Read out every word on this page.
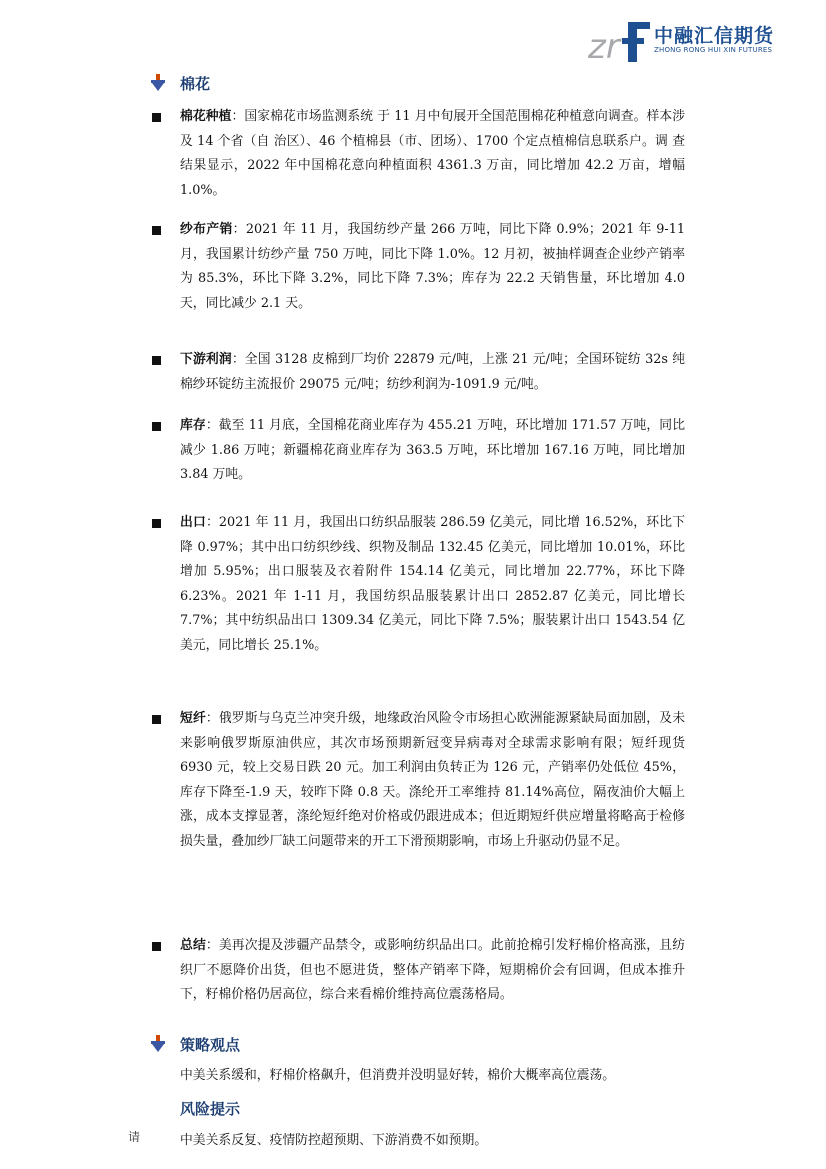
zr 中融汇信期货
ZHONG RONG HUI XIN FUTURES
棉花
棉花种植：国家棉花市场监测系统 于 11 月中旬展开全国范围棉花种植意向调查。样本涉及 14 个省（自 治区）、46 个植棉县（市、团场）、1700 个定点植棉信息联系户。调 查结果显示，2022 年中国棉花意向种植面积 4361.3 万亩，同比增加 42.2 万亩，增幅 1.0%。
纱布产销：2021 年 11 月，我国纺纱产量 266 万吨，同比下降 0.9%；2021 年 9-11 月，我国累计纺纱产量 750 万吨，同比下降 1.0%。12 月初，被抽样调查企业纱产销率为 85.3%，环比下降 3.2%，同比下降 7.3%；库存为 22.2 天销售量，环比增加 4.0 天，同比减少 2.1 天。
下游利润：全国 3128 皮棉到厂均价 22879 元/吨，上涨 21 元/吨；全国环锭纺 32s 纯棉纱环锭纺主流报价 29075 元/吨；纺纱利润为-1091.9 元/吨。
库存：截至 11 月底，全国棉花商业库存为 455.21 万吨，环比增加 171.57 万吨，同比减少 1.86 万吨；新疆棉花商业库存为 363.5 万吨，环比增加 167.16 万吨，同比增加 3.84 万吨。
出口：2021 年 11 月，我国出口纺织品服装 286.59 亿美元，同比增 16.52%，环比下降 0.97%；其中出口纺织纱线、织物及制品 132.45 亿美元，同比增加 10.01%，环比增加 5.95%；出口服装及衣着附件 154.14 亿美元，同比增加 22.77%，环比下降 6.23%。2021 年 1-11 月，我国纺织品服装累计出口 2852.87 亿美元，同比增长 7.7%；其中纺织品出口 1309.34 亿美元，同比下降 7.5%；服装累计出口 1543.54 亿美元，同比增长 25.1%。
短纤：俄罗斯与乌克兰冲突升级，地缘政治风险令市场担心欧洲能源紧缺局面加剧，及未来影响俄罗斯原油供应，其次市场预期新冠变异病毒对全球需求影响有限；短纤现货 6930 元，较上交易日跌 20 元。加工利润由负转正为 126 元，产销率仍处低位 45%，库存下降至-1.9 天，较昨下降 0.8 天。涤纶开工率维持 81.14%高位，隔夜油价大幅上涨，成本支撑显著，涤纶短纤绝对价格或仍跟进成本；但近期短纤供应增量将略高于检修损失量，叠加纱厂缺工问题带来的开工下滑预期影响，市场上升驱动仍显不足。
总结：美再次提及涉疆产品禁令，或影响纺织品出口。此前抢棉引发籽棉价格高涨，且纺织厂不愿降价出货，但也不愿进货，整体产销率下降，短期棉价会有回调，但成本推升下，籽棉价格仍居高位，综合来看棉价维持高位震荡格局。
策略观点
中美关系缓和，籽棉价格飙升，但消费并没明显好转，棉价大概率高位震荡。
风险提示
中美关系反复、疫情防控超预期、下游消费不如预期。
请
